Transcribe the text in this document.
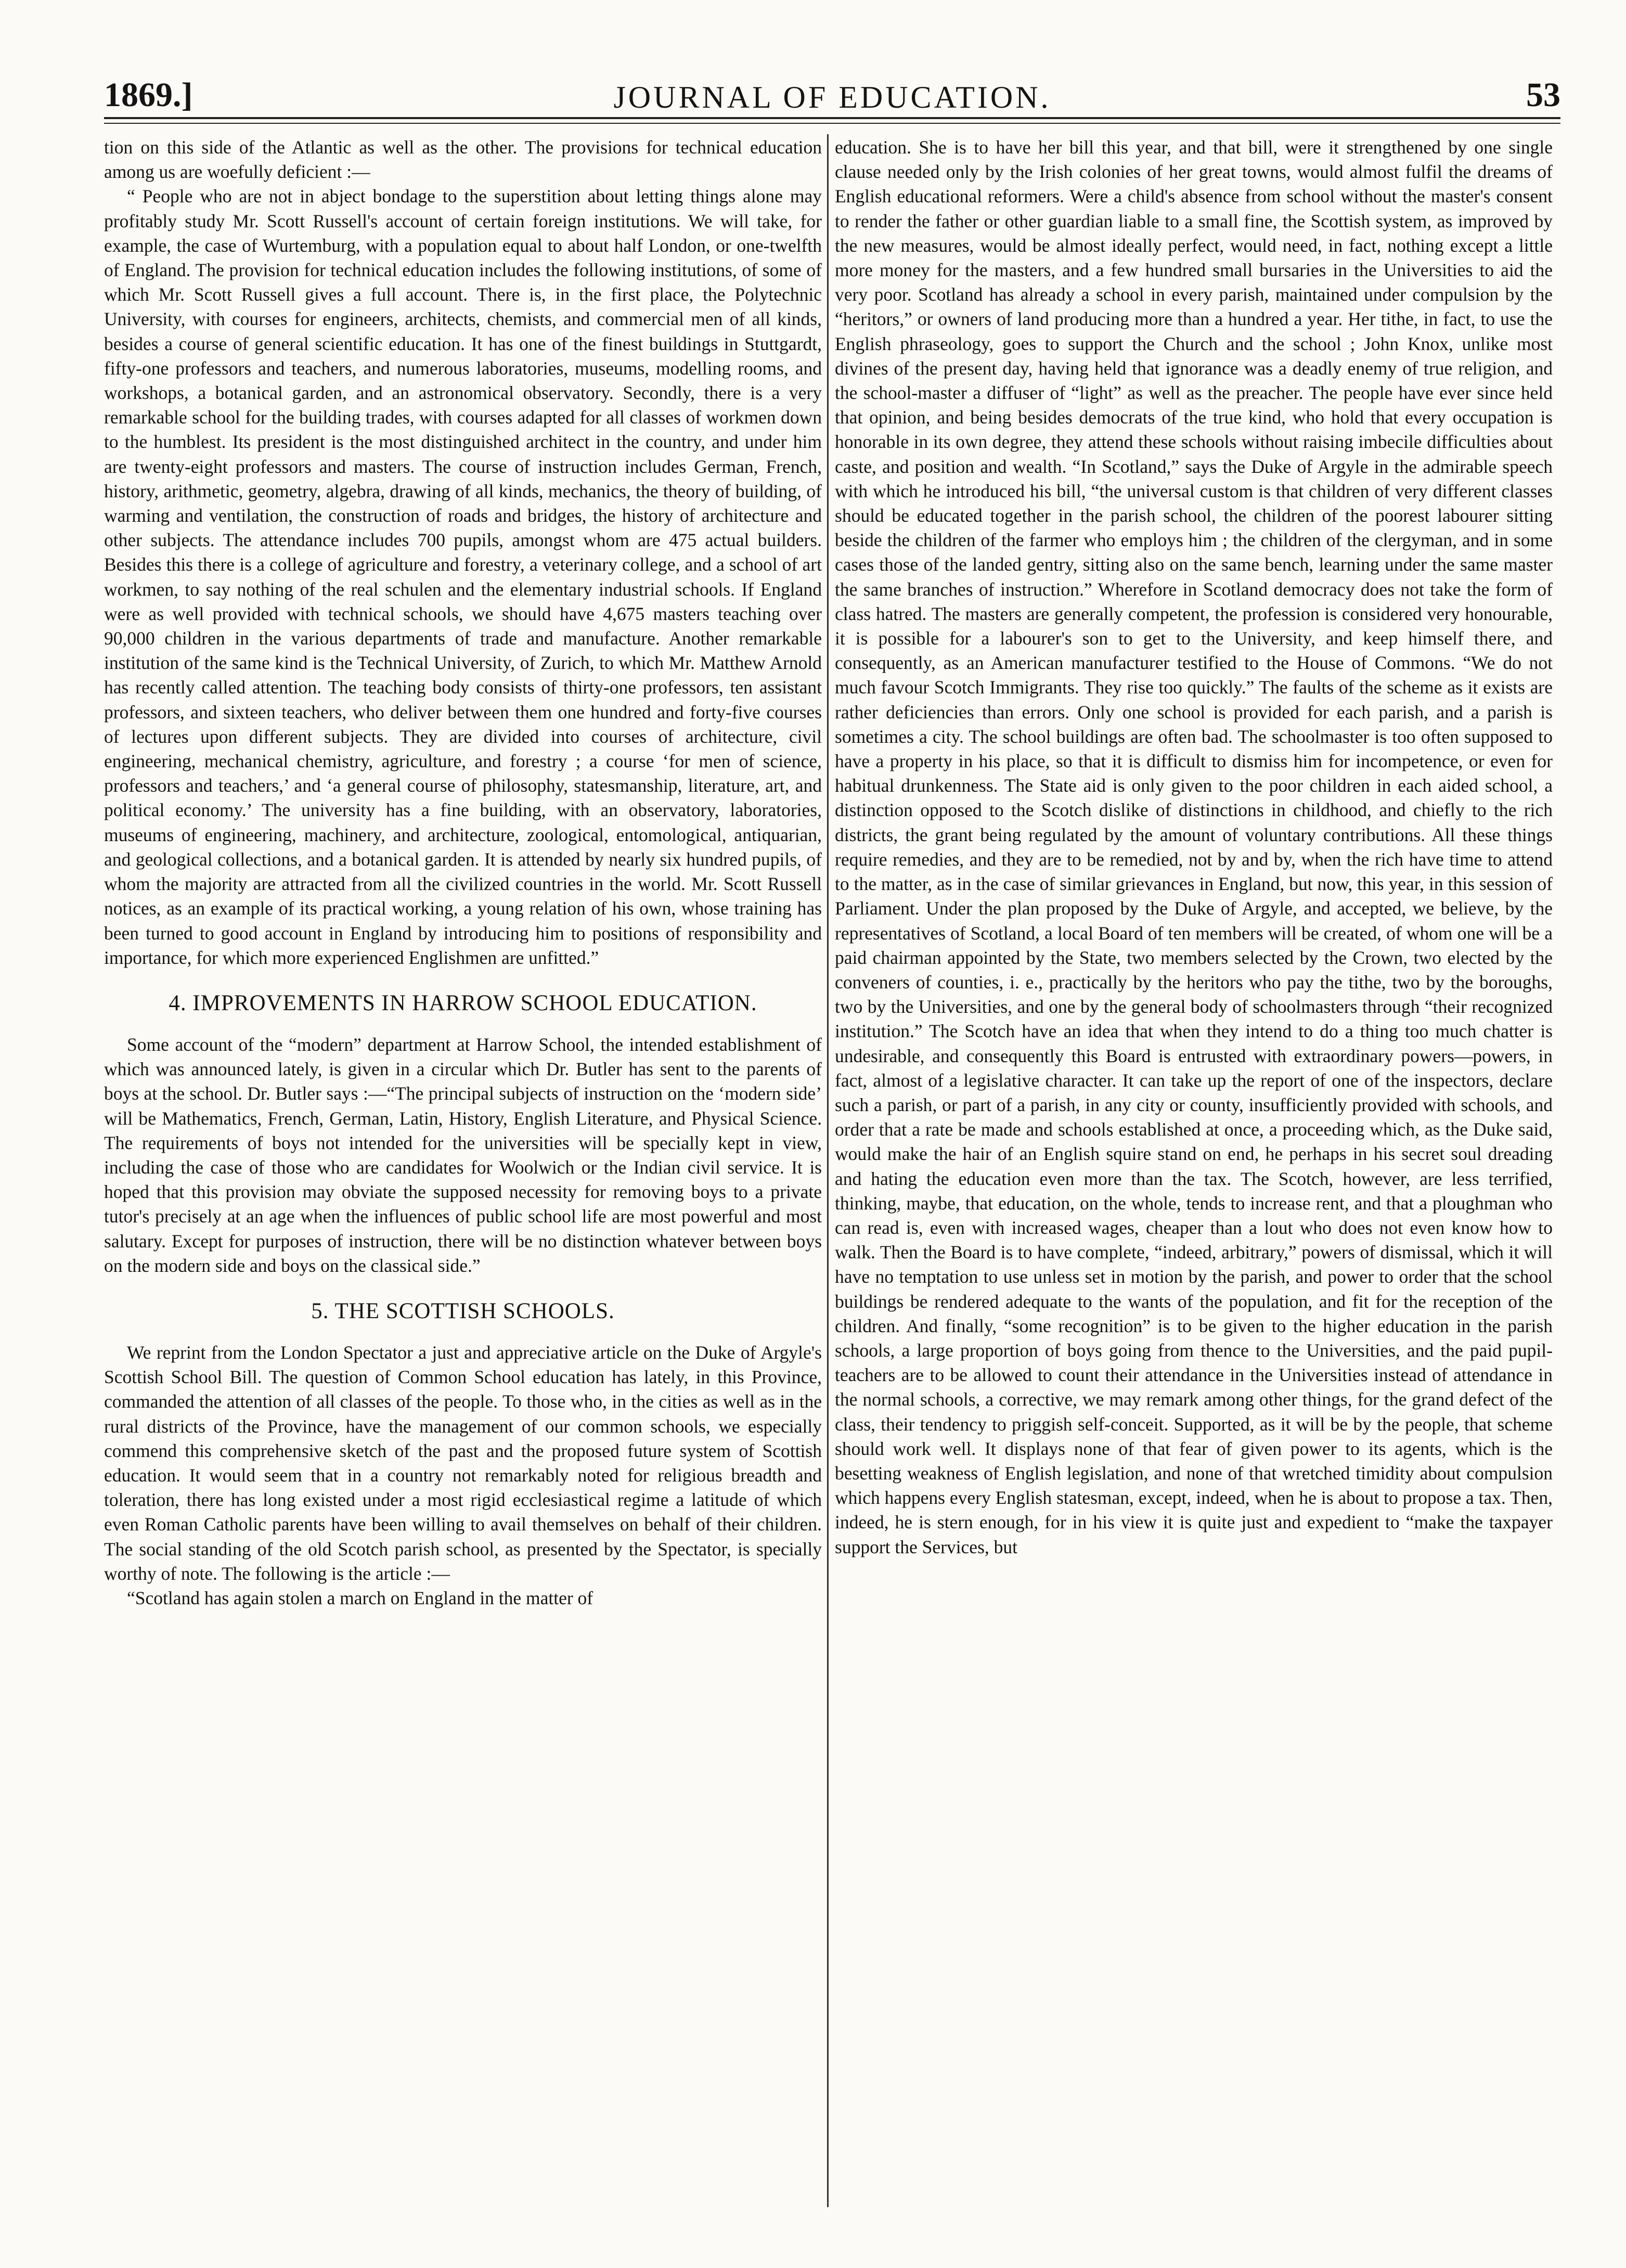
1869.]	JOURNAL OF EDUCATION.	53

tion on this side of the Atlantic as well as the other. The provisions for technical education among us are woefully deficient :—

“ People who are not in abject bondage to the superstition about letting things alone may profitably study Mr. Scott Russell's account of certain foreign institutions. We will take, for example, the case of Wurtemburg, with a population equal to about half London, or one-twelfth of England. The provision for technical education includes the following institutions, of some of which Mr. Scott Russell gives a full account. There is, in the first place, the Polytechnic University, with courses for engineers, architects, chemists, and commercial men of all kinds, besides a course of general scientific education. It has one of the finest buildings in Stuttgardt, fifty-one professors and teachers, and numerous laboratories, museums, modelling rooms, and workshops, a botanical garden, and an astronomical observatory. Secondly, there is a very remarkable school for the building trades, with courses adapted for all classes of workmen down to the humblest. Its president is the most distinguished architect in the country, and under him are twenty-eight professors and masters. The course of instruction includes German, French, history, arithmetic, geometry, algebra, drawing of all kinds, mechanics, the theory of building, of warming and ventilation, the construction of roads and bridges, the history of architecture and other subjects. The attendance includes 700 pupils, amongst whom are 475 actual builders. Besides this there is a college of agriculture and forestry, a veterinary college, and a school of art workmen, to say nothing of the real schulen and the elementary industrial schools. If England were as well provided with technical schools, we should have 4,675 masters teaching over 90,000 children in the various departments of trade and manufacture. Another remarkable institution of the same kind is the Technical University, of Zurich, to which Mr. Matthew Arnold has recently called attention. The teaching body consists of thirty-one professors, ten assistant professors, and sixteen teachers, who deliver between them one hundred and forty-five courses of lectures upon different subjects. They are divided into courses of architecture, civil engineering, mechanical chemistry, agriculture, and forestry ; a course ‘for men of science, professors and teachers,’ and ‘a general course of philosophy, statesmanship, literature, art, and political economy.’ The university has a fine building, with an observatory, laboratories, museums of engineering, machinery, and architecture, zoological, entomological, antiquarian, and geological collections, and a botanical garden. It is attended by nearly six hundred pupils, of whom the majority are attracted from all the civilized countries in the world. Mr. Scott Russell notices, as an example of its practical working, a young relation of his own, whose training has been turned to good account in England by introducing him to positions of responsibility and importance, for which more experienced Englishmen are unfitted.”

4. IMPROVEMENTS IN HARROW SCHOOL EDUCATION.

Some account of the “modern” department at Harrow School, the intended establishment of which was announced lately, is given in a circular which Dr. Butler has sent to the parents of boys at the school. Dr. Butler says :—“The principal subjects of instruction on the ‘modern side’ will be Mathematics, French, German, Latin, History, English Literature, and Physical Science. The requirements of boys not intended for the universities will be specially kept in view, including the case of those who are candidates for Woolwich or the Indian civil service. It is hoped that this provision may obviate the supposed necessity for removing boys to a private tutor's precisely at an age when the influences of public school life are most powerful and most salutary. Except for purposes of instruction, there will be no distinction whatever between boys on the modern side and boys on the classical side.”

5. THE SCOTTISH SCHOOLS.

We reprint from the London Spectator a just and appreciative article on the Duke of Argyle's Scottish School Bill. The question of Common School education has lately, in this Province, commanded the attention of all classes of the people. To those who, in the cities as well as in the rural districts of the Province, have the management of our common schools, we especially commend this comprehensive sketch of the past and the proposed future system of Scottish education. It would seem that in a country not remarkably noted for religious breadth and toleration, there has long existed under a most rigid ecclesiastical regime a latitude of which even Roman Catholic parents have been willing to avail themselves on behalf of their children. The social standing of the old Scotch parish school, as presented by the Spectator, is specially worthy of note. The following is the article :—

“Scotland has again stolen a march on England in the matter of

education. She is to have her bill this year, and that bill, were it strengthened by one single clause needed only by the Irish colonies of her great towns, would almost fulfil the dreams of English educational reformers. Were a child's absence from school without the master's consent to render the father or other guardian liable to a small fine, the Scottish system, as improved by the new measures, would be almost ideally perfect, would need, in fact, nothing except a little more money for the masters, and a few hundred small bursaries in the Universities to aid the very poor. Scotland has already a school in every parish, maintained under compulsion by the “heritors,” or owners of land producing more than a hundred a year. Her tithe, in fact, to use the English phraseology, goes to support the Church and the school ; John Knox, unlike most divines of the present day, having held that ignorance was a deadly enemy of true religion, and the school-master a diffuser of “light” as well as the preacher. The people have ever since held that opinion, and being besides democrats of the true kind, who hold that every occupation is honorable in its own degree, they attend these schools without raising imbecile difficulties about caste, and position and wealth. “In Scotland,” says the Duke of Argyle in the admirable speech with which he introduced his bill, “the universal custom is that children of very different classes should be educated together in the parish school, the children of the poorest labourer sitting beside the children of the farmer who employs him ; the children of the clergyman, and in some cases those of the landed gentry, sitting also on the same bench, learning under the same master the same branches of instruction.” Wherefore in Scotland democracy does not take the form of class hatred. The masters are generally competent, the profession is considered very honourable, it is possible for a labourer's son to get to the University, and keep himself there, and consequently, as an American manufacturer testified to the House of Commons. “We do not much favour Scotch Immigrants. They rise too quickly.” The faults of the scheme as it exists are rather deficiencies than errors. Only one school is provided for each parish, and a parish is sometimes a city. The school buildings are often bad. The schoolmaster is too often supposed to have a property in his place, so that it is difficult to dismiss him for incompetence, or even for habitual drunkenness. The State aid is only given to the poor children in each aided school, a distinction opposed to the Scotch dislike of distinctions in childhood, and chiefly to the rich districts, the grant being regulated by the amount of voluntary contributions. All these things require remedies, and they are to be remedied, not by and by, when the rich have time to attend to the matter, as in the case of similar grievances in England, but now, this year, in this session of Parliament. Under the plan proposed by the Duke of Argyle, and accepted, we believe, by the representatives of Scotland, a local Board of ten members will be created, of whom one will be a paid chairman appointed by the State, two members selected by the Crown, two elected by the conveners of counties, i. e., practically by the heritors who pay the tithe, two by the boroughs, two by the Universities, and one by the general body of schoolmasters through “their recognized institution.” The Scotch have an idea that when they intend to do a thing too much chatter is undesirable, and consequently this Board is entrusted with extraordinary powers—powers, in fact, almost of a legislative character. It can take up the report of one of the inspectors, declare such a parish, or part of a parish, in any city or county, insufficiently provided with schools, and order that a rate be made and schools established at once, a proceeding which, as the Duke said, would make the hair of an English squire stand on end, he perhaps in his secret soul dreading and hating the education even more than the tax. The Scotch, however, are less terrified, thinking, maybe, that education, on the whole, tends to increase rent, and that a ploughman who can read is, even with increased wages, cheaper than a lout who does not even know how to walk. Then the Board is to have complete, “indeed, arbitrary,” powers of dismissal, which it will have no temptation to use unless set in motion by the parish, and power to order that the school buildings be rendered adequate to the wants of the population, and fit for the reception of the children. And finally, “some recognition” is to be given to the higher education in the parish schools, a large proportion of boys going from thence to the Universities, and the paid pupil-teachers are to be allowed to count their attendance in the Universities instead of attendance in the normal schools, a corrective, we may remark among other things, for the grand defect of the class, their tendency to priggish self-conceit. Supported, as it will be by the people, that scheme should work well. It displays none of that fear of given power to its agents, which is the besetting weakness of English legislation, and none of that wretched timidity about compulsion which happens every English statesman, except, indeed, when he is about to propose a tax. Then, indeed, he is stern enough, for in his view it is quite just and expedient to “make the taxpayer support the Services, but
